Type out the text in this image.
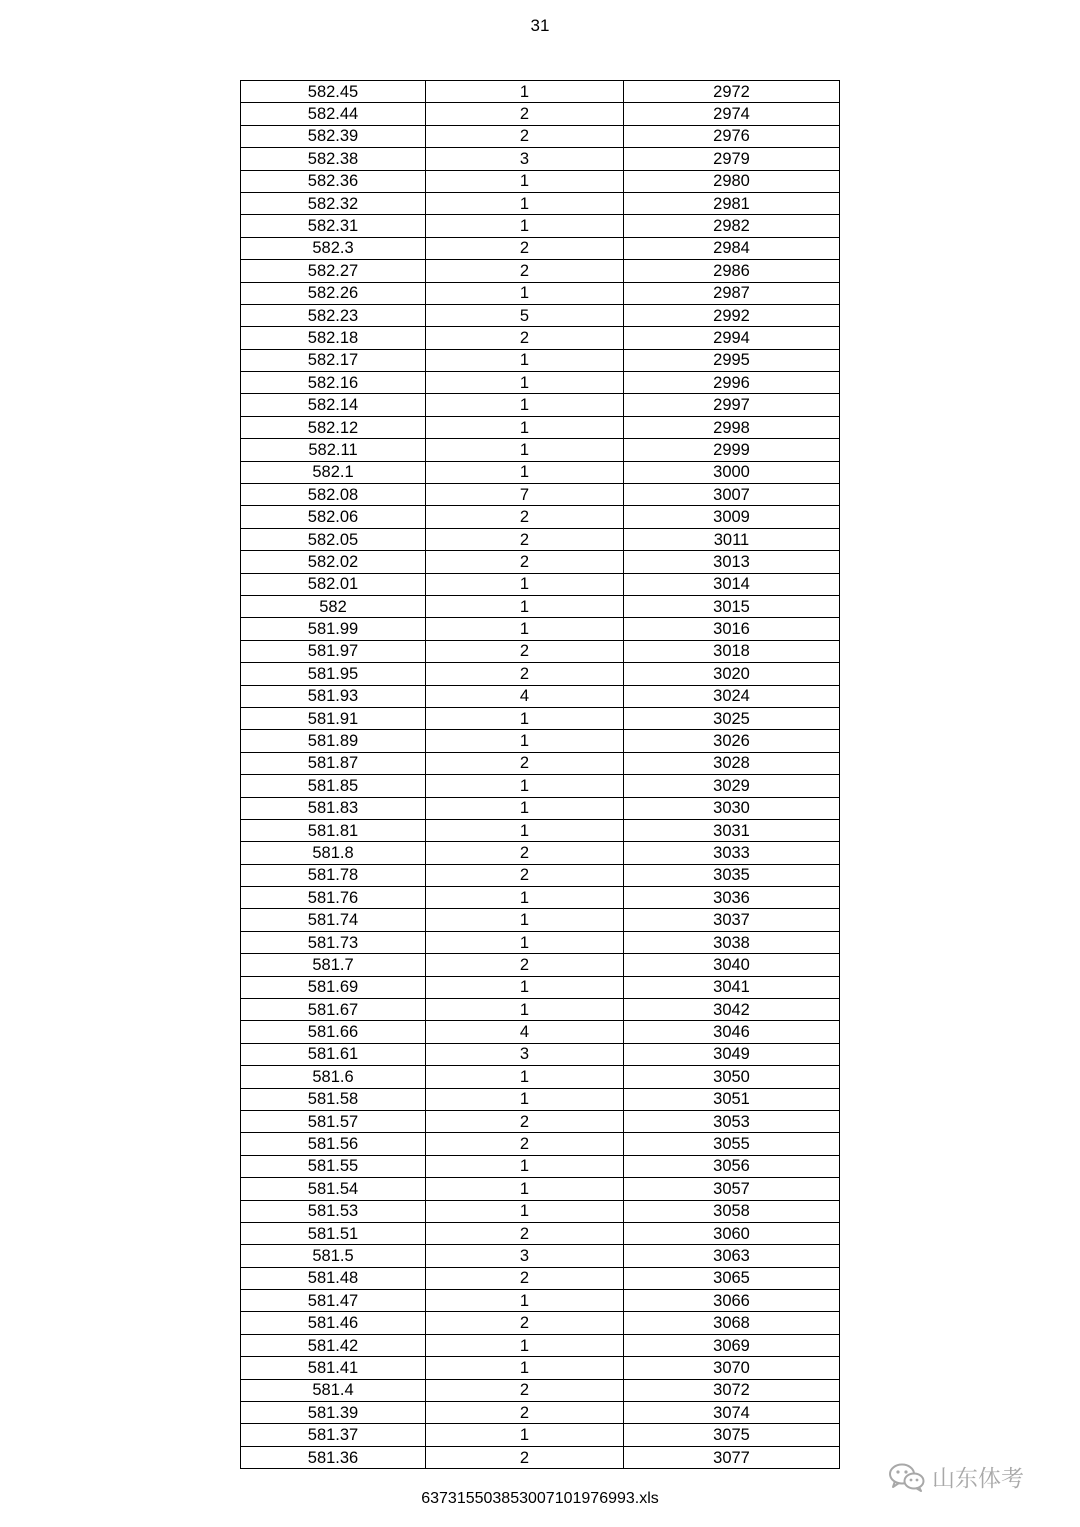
31
582.45	1	2972
582.44	2	2974
582.39	2	2976
582.38	3	2979
582.36	1	2980
582.32	1	2981
582.31	1	2982
582.3	2	2984
582.27	2	2986
582.26	1	2987
582.23	5	2992
582.18	2	2994
582.17	1	2995
582.16	1	2996
582.14	1	2997
582.12	1	2998
582.11	1	2999
582.1	1	3000
582.08	7	3007
582.06	2	3009
582.05	2	3011
582.02	2	3013
582.01	1	3014
582	1	3015
581.99	1	3016
581.97	2	3018
581.95	2	3020
581.93	4	3024
581.91	1	3025
581.89	1	3026
581.87	2	3028
581.85	1	3029
581.83	1	3030
581.81	1	3031
581.8	2	3033
581.78	2	3035
581.76	1	3036
581.74	1	3037
581.73	1	3038
581.7	2	3040
581.69	1	3041
581.67	1	3042
581.66	4	3046
581.61	3	3049
581.6	1	3050
581.58	1	3051
581.57	2	3053
581.56	2	3055
581.55	1	3056
581.54	1	3057
581.53	1	3058
581.51	2	3060
581.5	3	3063
581.48	2	3065
581.47	1	3066
581.46	2	3068
581.42	1	3069
581.41	1	3070
581.4	2	3072
581.39	2	3074
581.37	1	3075
581.36	2	3077
山东体考
637315503853007101976993.xls
